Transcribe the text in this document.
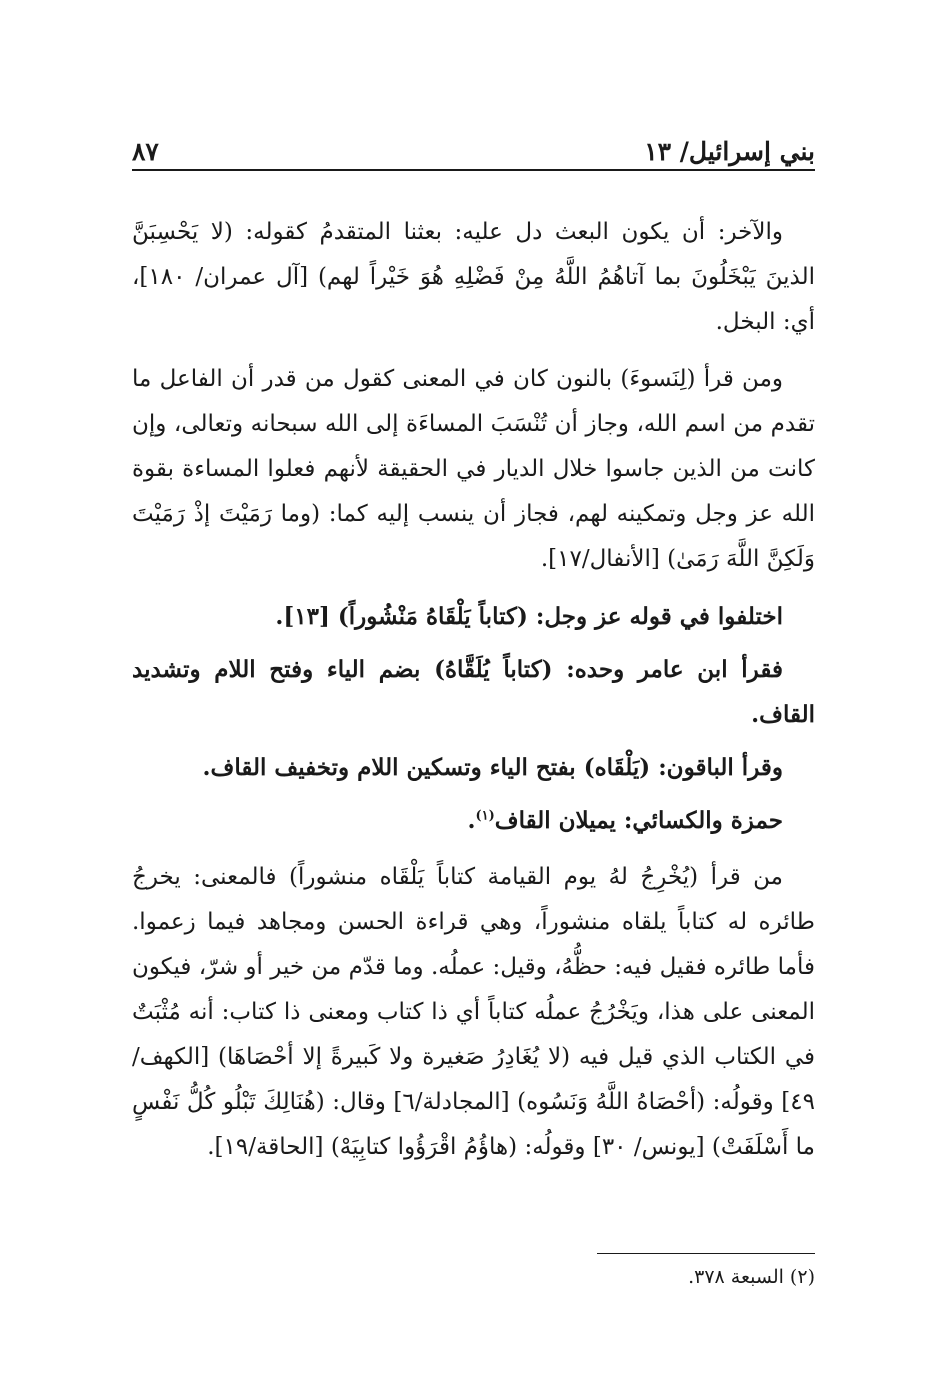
بني إسرائيل/ ١٣
٨٧

والآخر: أن يكون البعث دل عليه: بعثنا المتقدمُ كقوله: (لا يَحْسِبَنَّ الذينَ يَبْخَلُونَ بما آتاهُمُ اللَّهُ مِنْ فَضْلِهِ هُوَ خَيْراً لهم) [آل عمران/ ١٨٠]، أي: البخل.

ومن قرأ (لِنَسوءَ) بالنون كان في المعنى كقول من قدر أن الفاعل ما تقدم من اسم الله، وجاز أن تُنْسَبَ المساءَة إلى الله سبحانه وتعالى، وإن كانت من الذين جاسوا خلال الديار في الحقيقة لأنهم فعلوا المساءة بقوة الله عز وجل وتمكينه لهم، فجاز أن ينسب إليه كما: (وما رَمَيْتَ إذْ رَمَيْتَ وَلَكِنَّ اللَّهَ رَمَىٰ) [الأنفال/١٧].

اختلفوا في قوله عز وجل: (كتاباً يَلْقَاهُ مَنْشُوراً) [١٣].

فقرأ ابن عامر وحده: (كتاباً يُلَقَّاهُ) بضم الياء وفتح اللام وتشديد القاف.

وقرأ الباقون: (يَلْقَاه) بفتح الياء وتسكين اللام وتخفيف القاف.

حمزة والكسائي: يميلان القاف$^{(١)}$.

من قرأ (يُخْرِجُ لهُ يوم القيامة كتاباً يَلْقَاه منشوراً) فالمعنى: يخرجُ طائره له كتاباً يلقاه منشوراً، وهي قراءة الحسن ومجاهد فيما زعموا. فأما طائره فقيل فيه: حظُّهُ، وقيل: عملُه. وما قدّم من خير أو شرّ، فيكون المعنى على هذا، ويَخْرُجُ عملُه كتاباً أي ذا كتاب ومعنى ذا كتاب: أنه مُثْبَتٌ في الكتاب الذي قيل فيه (لا يُغَادِرُ صَغيرة ولا كَبيرةً إلا أحْصَاهَا) [الكهف/ ٤٩] وقولُه: (أحْصَاهُ اللَّهُ وَنَسُوه) [المجادلة/٦] وقال: (هُنَالِكَ تَبْلُو كُلُّ نَفْسٍ ما أَسْلَفَتْ) [يونس/ ٣٠] وقولُه: (هاؤُمُ اقْرَؤُوا كتابِيَهْ) [الحاقة/١٩].

(٢) السبعة ٣٧٨.
